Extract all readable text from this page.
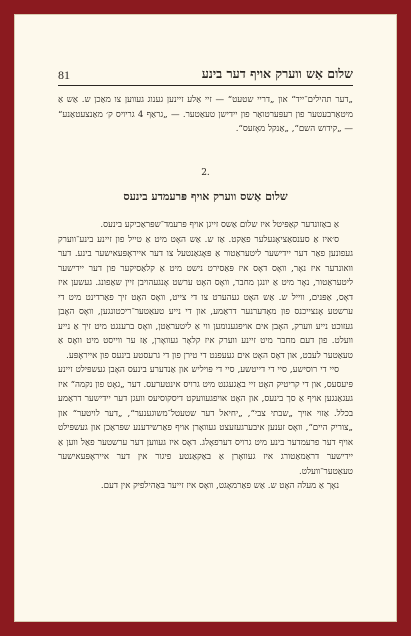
81	שלום אַש ווערק אויף דער בינע

„דער תהילים־ייד“ און „דריי שטעט“ — זיי אַלע זיינען גענוג געווען צו מאַכן ש. אַש אַ מיטאַרבעטער פון רעפּערטואַר פון יידישן טעאַטער. — „גראַף 4 גריויס ק׳ מאַנצעטאַנע“ — „קידוש השם“, „אַנקל מאָזעס“.

2.
שלום אַשס ווערק אויף פּרעמדע בינעס

אַ באַזונדער קאַפּיטל איז שלום אַשס זייגן אויף פּרעמד־שפּראַכיקע בינעס.

ס׳איז אַ סענסאַציאָנעלער פאַקט. אַז ש. אַש האָט מיט אַ טייל פון זיינע בינע־ווערק געפונען פאַר דער יידישער ליטעראַטור אַ פּאָגאַנטעל צו דער אייראָפּעאישער בינע. דער וואונדער איז נאָר, וואָס דאָס איז פּאַסירט נישט מיט אַ קלאַסיקער פון דער יידישער ליטעראַטור, נאָר מיט אַ יונגן מחבר, וואָס האָט ערשט אָנגעהויבן זיין שאַפונג. געשען איז דאָס, אַפּנים, ווייל ש. אַש האָט געהערט צו די צייט, וואָס האָט זיך פאַרדינט מיט די ערשטע אָנצייכנס פון מאָדערנער דראַמע, און די נייע טעאַטער־ריכטונגען, וואָס האָבן געזוכט נייע ווערק, האָבן אים אויפגענומען ווי אַ ליטעראַטן, וואָס ברענגט מיט זיך אַ נייע וועלט. פון דעם מחבר מיט זיינע ווערק איז קלאָר געוואָרן, אַז ער ווייסט מיט וואָס אַ טעאַטער לעבט, און דאָס האָט אים געעפנט די טירן פון די גרעסטע בינעס פון אייראָפּע.

סיי די רוסישע, סיי די דייטשע, סיי די פּויליש און אַנדערע בינעס האָבן געשפּילט זיינע פּיעסעס, און די קריטיק האָט זיי באַגעגנט מיט גרויס אינטערעס. דער „גאָט פון נקמה“ איז געגאַנגען אויף אַ סך בינעס, און האָט אויפגעוועקט דיסקוסיעס וועגן דער יידישער דראַמע בכלל. אַזוי אויך „שבתי צבי“, „יחיאל דער שטעטל־משוגענער“, „דער לויטער“ און „צוריק היים“, וואָס זענען איבערגעזעצט געוואָרן אויף פאַרשידענע שפּראַכן און געשפּילט אויף דער פרעמדער בינע מיט גרויס דערפאָלג. דאָס איז געווען דער ערשטער פאַל ווען אַ יידישער דראַמאַטורג איז געוואָרן אַ באַקאַנטע פיגור אין דער אייראָפּעאישער טעאַטער־וועלט.

נאָך אַ מעלה האָט ש. אַש פאַרמאָגט, וואָס איז זייער בּאַהילפיק אין דעם.
